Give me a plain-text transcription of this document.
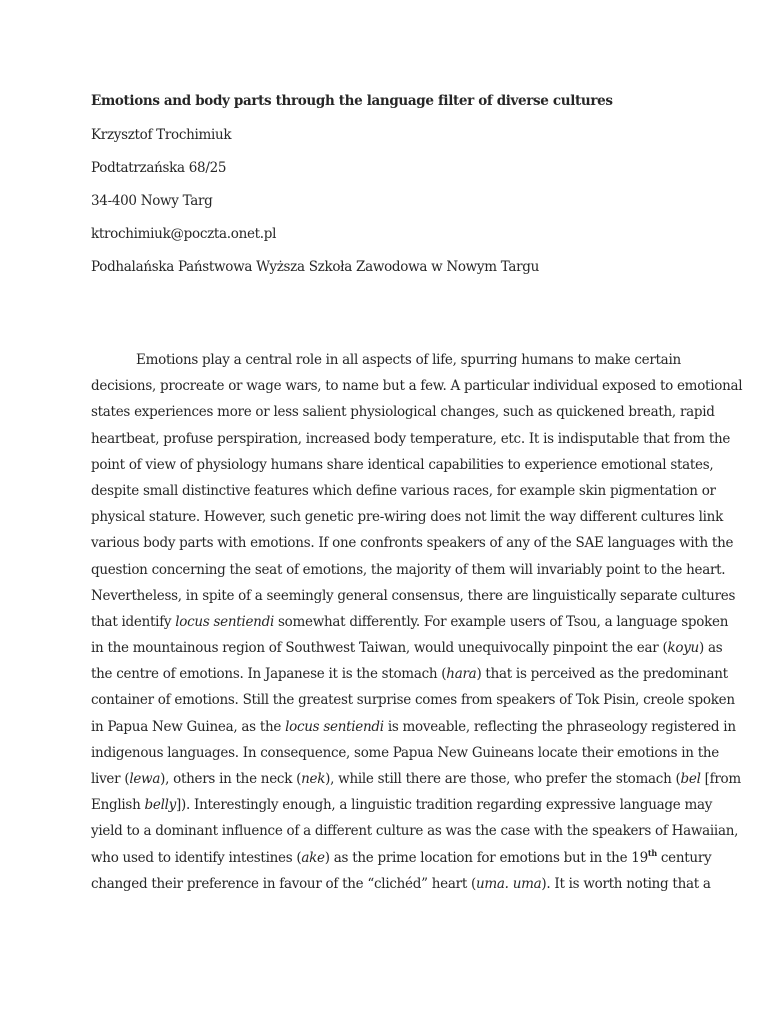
Emotions and body parts through the language filter of diverse cultures

Krzysztof Trochimiuk

Podtatrzańska 68/25

34-400 Nowy Targ

ktrochimiuk@poczta.onet.pl

Podhalańska Państwowa Wyższa Szkoła Zawodowa w Nowym Targu

Emotions play a central role in all aspects of life, spurring humans to make certain
decisions, procreate or wage wars, to name but a few. A particular individual exposed to emotional
states experiences more or less salient physiological changes, such as quickened breath, rapid
heartbeat, profuse perspiration, increased body temperature, etc. It is indisputable that from the
point of view of physiology humans share identical capabilities to experience emotional states,
despite small distinctive features which define various races, for example skin pigmentation or
physical stature. However, such genetic pre-wiring does not limit the way different cultures link
various body parts with emotions. If one confronts speakers of any of the SAE languages with the
question concerning the seat of emotions, the majority of them will invariably point to the heart.
Nevertheless, in spite of a seemingly general consensus, there are linguistically separate cultures
that identify locus sentiendi somewhat differently. For example users of Tsou, a language spoken
in the mountainous region of Southwest Taiwan, would unequivocally pinpoint the ear (koyu) as
the centre of emotions. In Japanese it is the stomach (hara) that is perceived as the predominant
container of emotions. Still the greatest surprise comes from speakers of Tok Pisin, creole spoken
in Papua New Guinea, as the locus sentiendi is moveable, reflecting the phraseology registered in
indigenous languages. In consequence, some Papua New Guineans locate their emotions in the
liver (lewa), others in the neck (nek), while still there are those, who prefer the stomach (bel [from
English belly]). Interestingly enough, a linguistic tradition regarding expressive language may
yield to a dominant influence of a different culture as was the case with the speakers of Hawaiian,
who used to identify intestines (ake) as the prime location for emotions but in the 19th century
changed their preference in favour of the “clichéd” heart (uma. uma). It is worth noting that a
